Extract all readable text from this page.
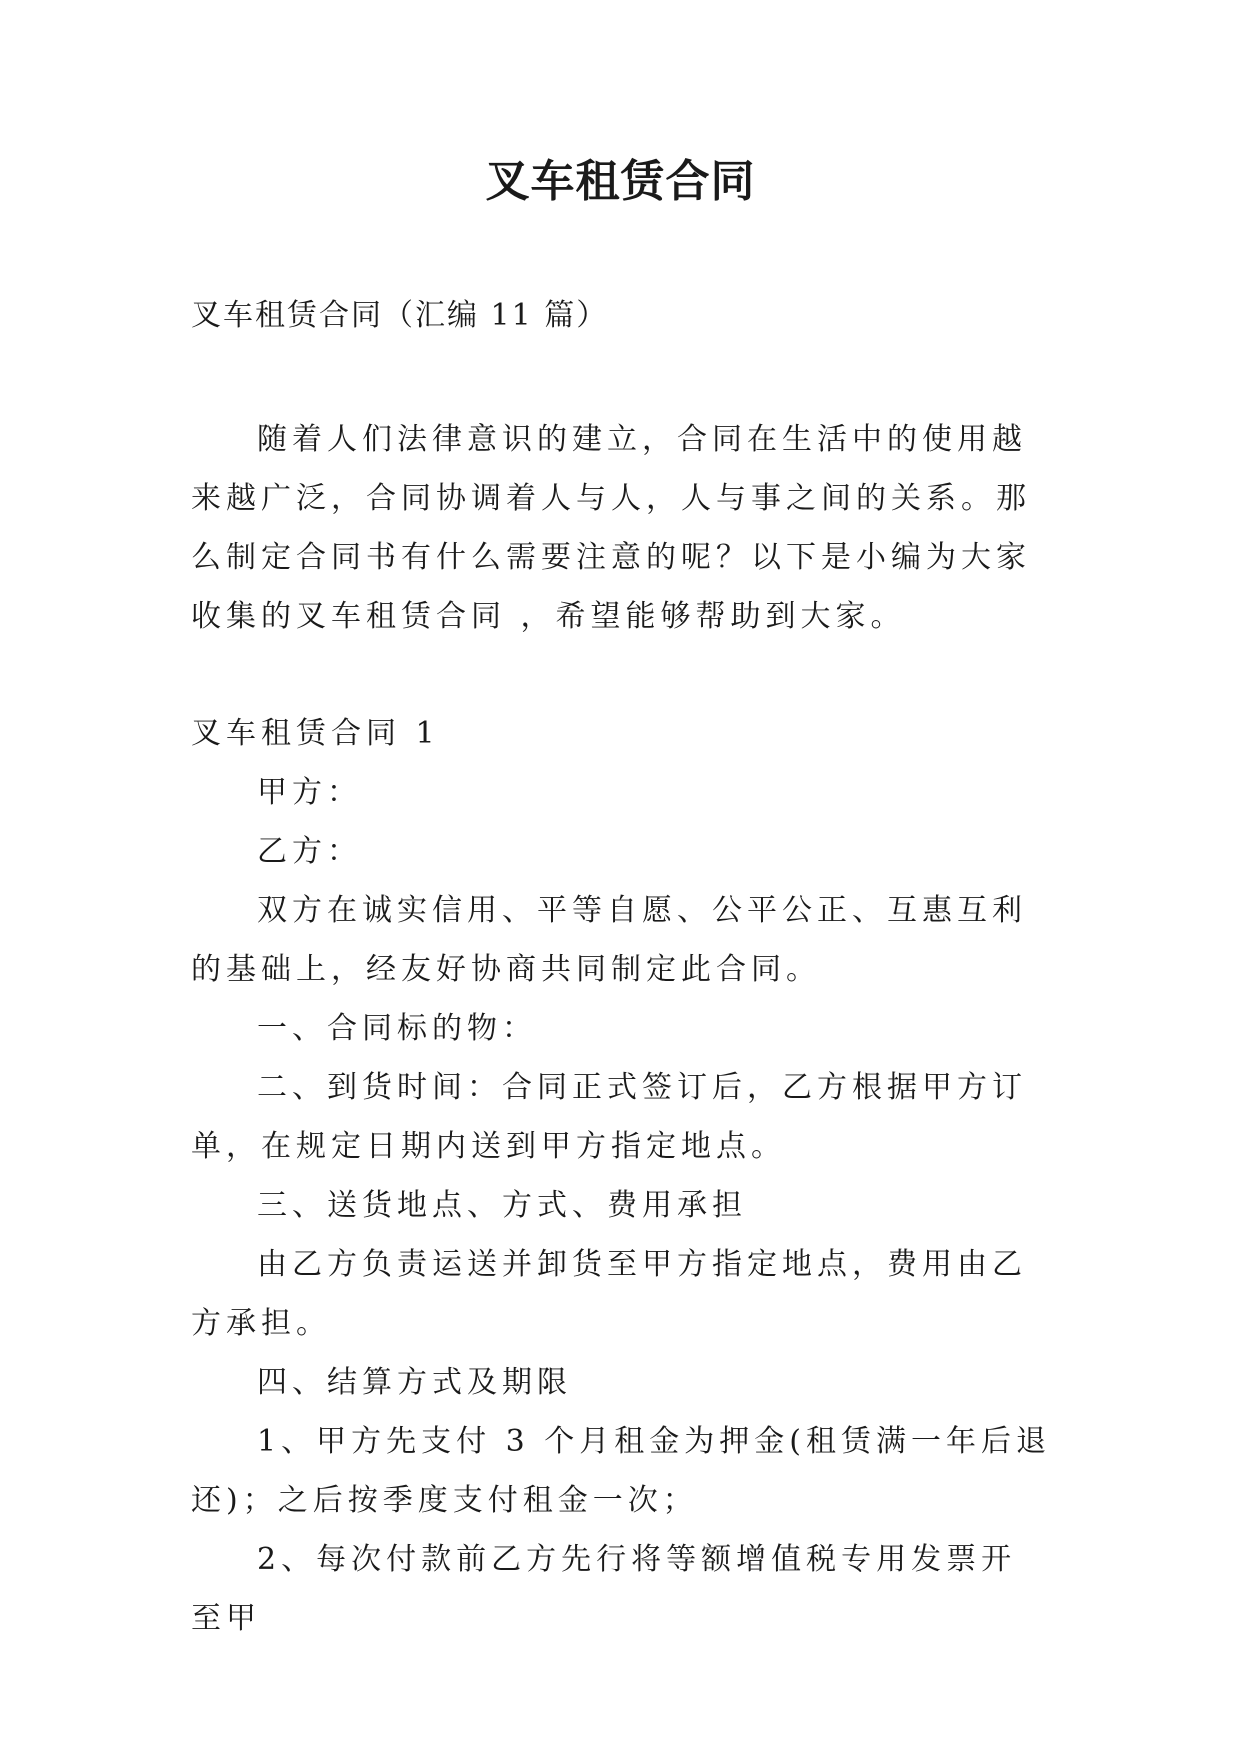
叉车租赁合同
叉车租赁合同（汇编 11 篇）

随着人们法律意识的建立，合同在生活中的使用越来越广泛，合同协调着人与人，人与事之间的关系。那么制定合同书有什么需要注意的呢？以下是小编为大家收集的叉车租赁合同 ，希望能够帮助到大家。

叉车租赁合同 1

甲方：

乙方：

双方在诚实信用、平等自愿、公平公正、互惠互利的基础上，经友好协商共同制定此合同。

一、合同标的物：

二、到货时间：合同正式签订后，乙方根据甲方订单，在规定日期内送到甲方指定地点。

三、送货地点、方式、费用承担

由乙方负责运送并卸货至甲方指定地点，费用由乙方承担。

四、结算方式及期限

1、甲方先支付 3 个月租金为押金(租赁满一年后退还)；之后按季度支付租金一次；

2、每次付款前乙方先行将等额增值税专用发票开至甲
